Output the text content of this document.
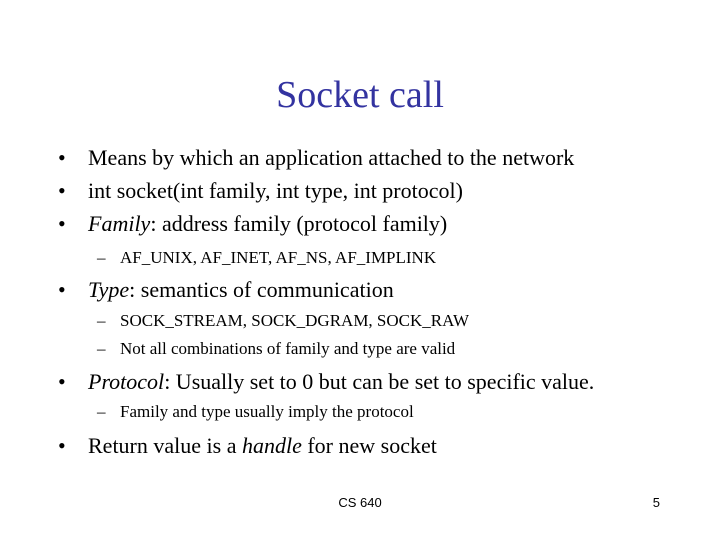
Socket call
• Means by which an application attached to the network
• int socket(int family, int type, int protocol)
• Family: address family (protocol family)
– AF_UNIX, AF_INET, AF_NS, AF_IMPLINK
• Type: semantics of communication
– SOCK_STREAM, SOCK_DGRAM, SOCK_RAW
– Not all combinations of family and type are valid
• Protocol: Usually set to 0 but can be set to specific value.
– Family and type usually imply the protocol
• Return value is a handle for new socket
CS 640	5
